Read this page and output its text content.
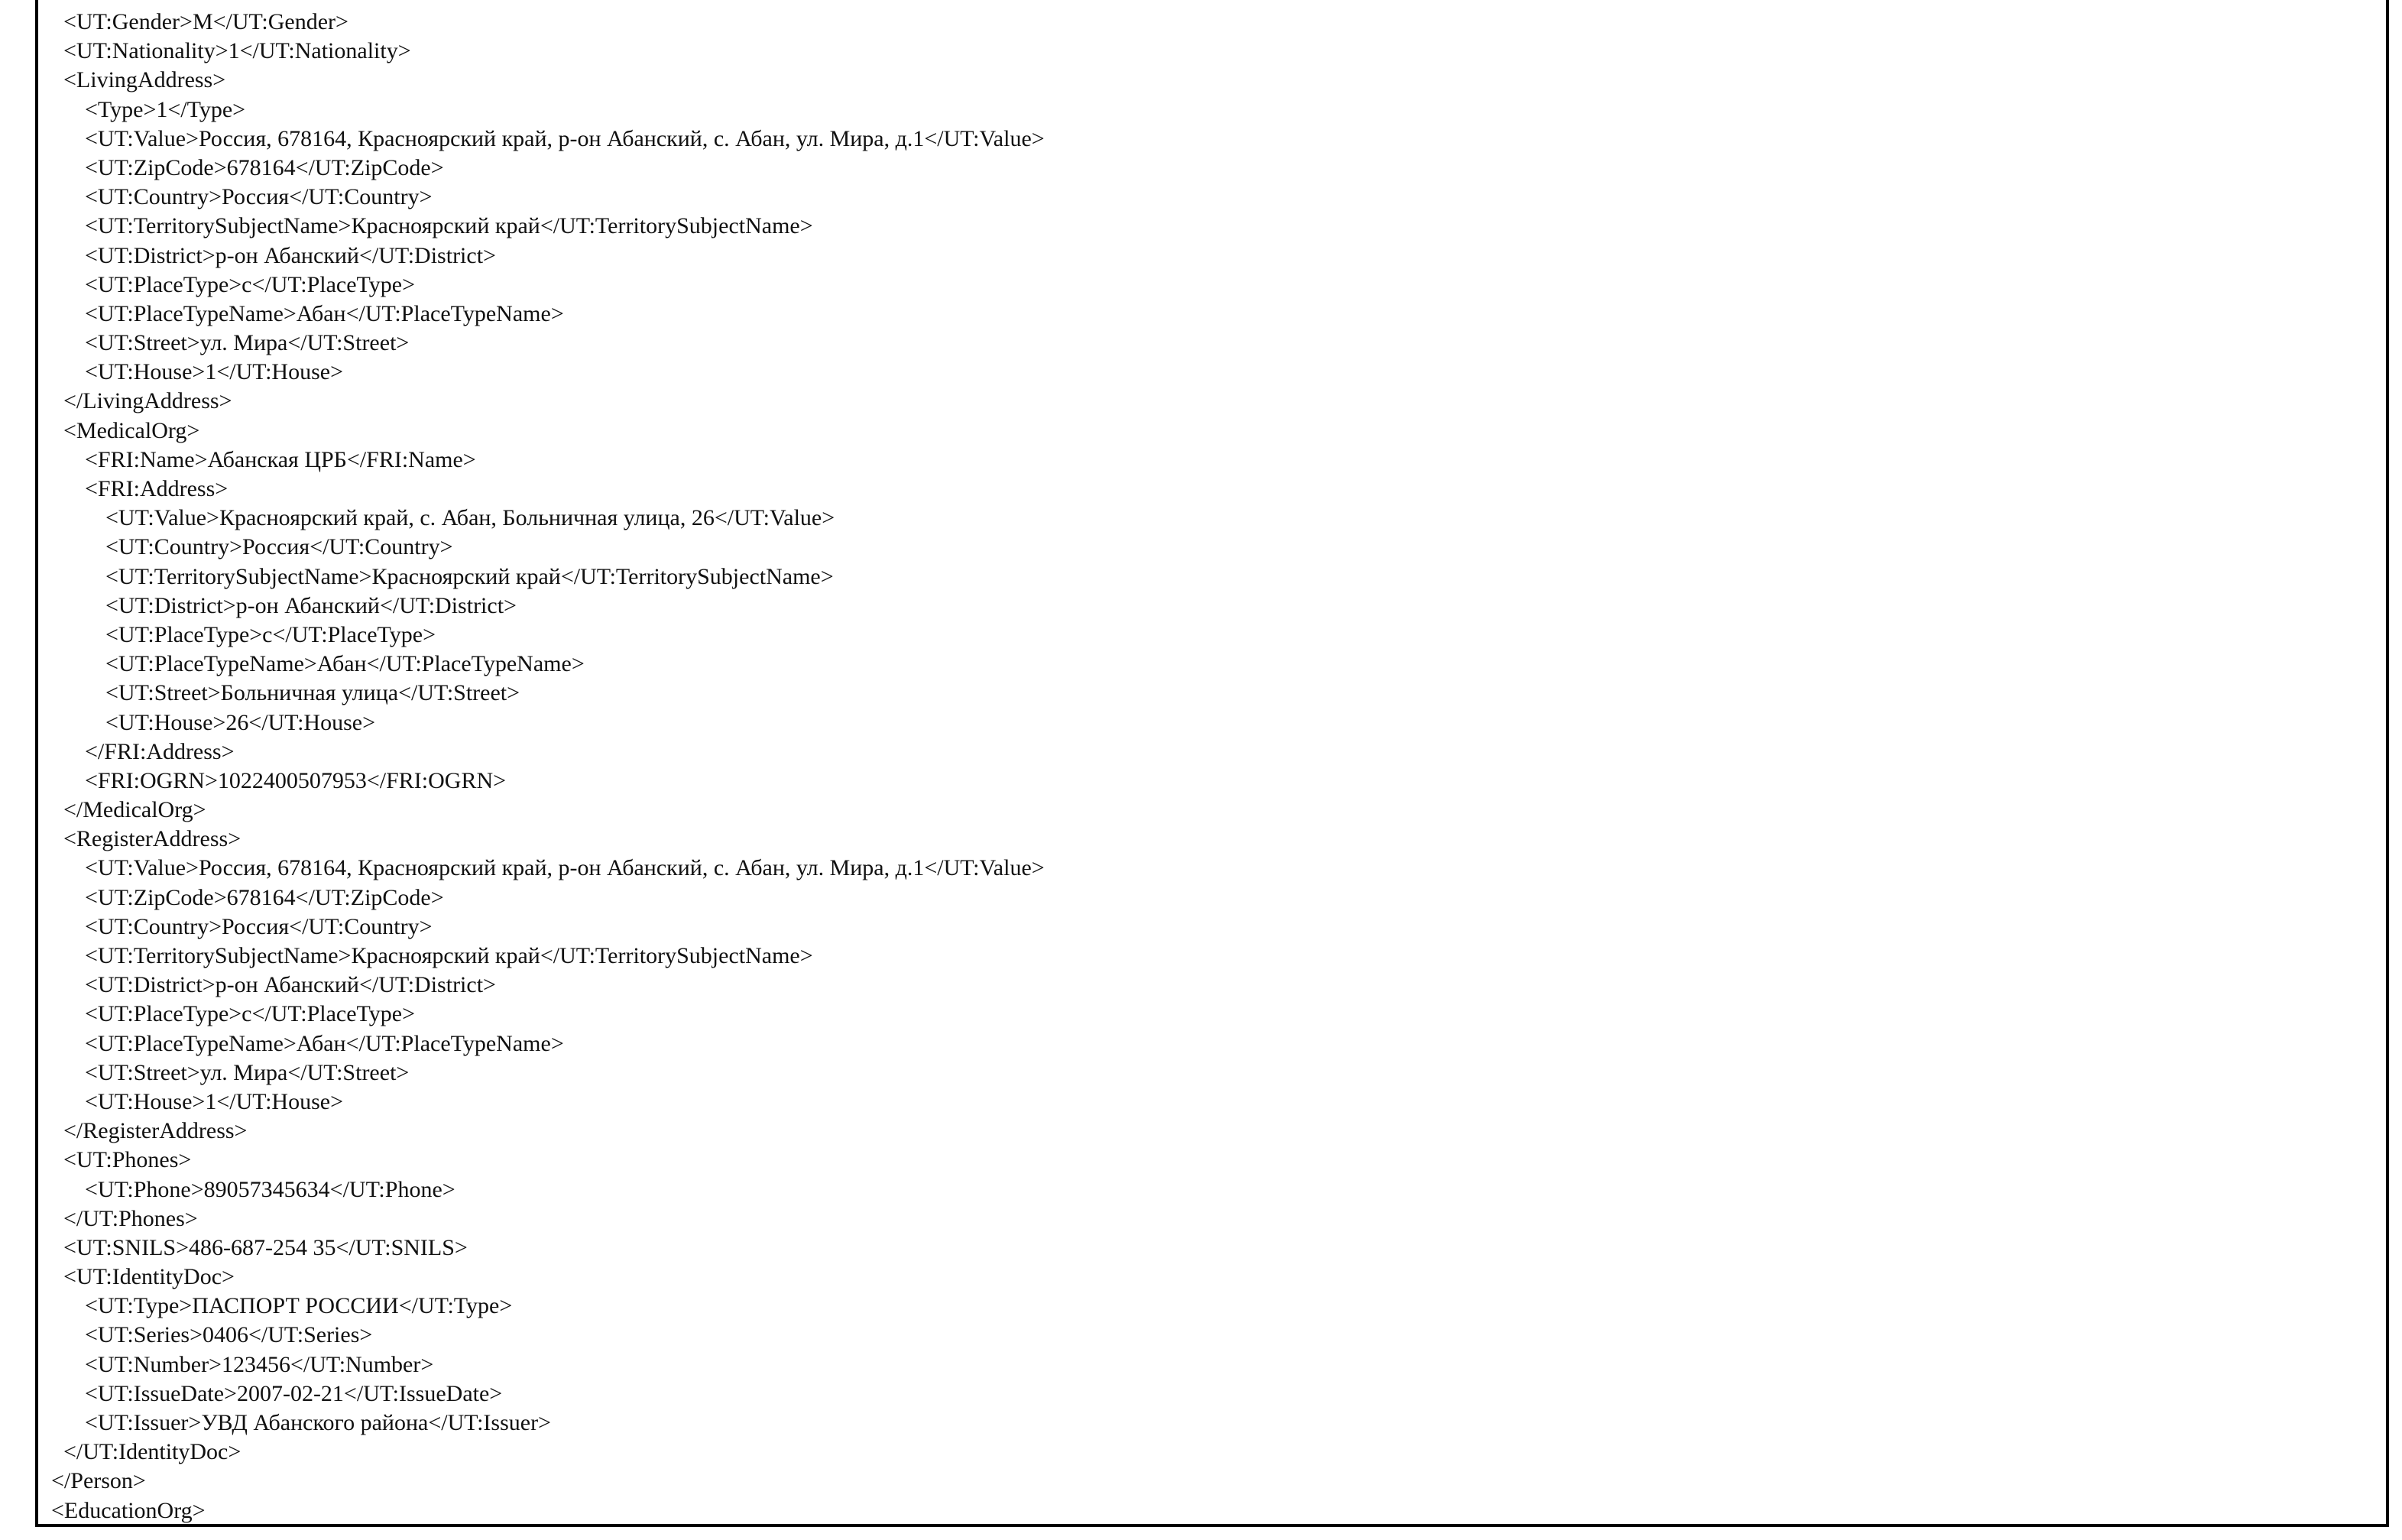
<UT:Gender>M</UT:Gender>
<UT:Nationality>1</UT:Nationality>
<LivingAddress>
<Type>1</Type>
<UT:Value>Россия, 678164, Красноярский край, р-он Абанский, с. Абан, ул. Мира, д.1</UT:Value>
<UT:ZipCode>678164</UT:ZipCode>
<UT:Country>Россия</UT:Country>
<UT:TerritorySubjectName>Красноярский край</UT:TerritorySubjectName>
<UT:District>р-он Абанский</UT:District>
<UT:PlaceType>с</UT:PlaceType>
<UT:PlaceTypeName>Абан</UT:PlaceTypeName>
<UT:Street>ул. Мира</UT:Street>
<UT:House>1</UT:House>
</LivingAddress>
<MedicalOrg>
<FRI:Name>Абанская ЦРБ</FRI:Name>
<FRI:Address>
<UT:Value>Красноярский край, с. Абан, Больничная улица, 26</UT:Value>
<UT:Country>Россия</UT:Country>
<UT:TerritorySubjectName>Красноярский край</UT:TerritorySubjectName>
<UT:District>р-он Абанский</UT:District>
<UT:PlaceType>с</UT:PlaceType>
<UT:PlaceTypeName>Абан</UT:PlaceTypeName>
<UT:Street>Больничная улица</UT:Street>
<UT:House>26</UT:House>
</FRI:Address>
<FRI:OGRN>1022400507953</FRI:OGRN>
</MedicalOrg>
<RegisterAddress>
<UT:Value>Россия, 678164, Красноярский край, р-он Абанский, с. Абан, ул. Мира, д.1</UT:Value>
<UT:ZipCode>678164</UT:ZipCode>
<UT:Country>Россия</UT:Country>
<UT:TerritorySubjectName>Красноярский край</UT:TerritorySubjectName>
<UT:District>р-он Абанский</UT:District>
<UT:PlaceType>с</UT:PlaceType>
<UT:PlaceTypeName>Абан</UT:PlaceTypeName>
<UT:Street>ул. Мира</UT:Street>
<UT:House>1</UT:House>
</RegisterAddress>
<UT:Phones>
<UT:Phone>89057345634</UT:Phone>
</UT:Phones>
<UT:SNILS>486-687-254 35</UT:SNILS>
<UT:IdentityDoc>
<UT:Type>ПАСПОРТ РОССИИ</UT:Type>
<UT:Series>0406</UT:Series>
<UT:Number>123456</UT:Number>
<UT:IssueDate>2007-02-21</UT:IssueDate>
<UT:Issuer>УВД Абанского района</UT:Issuer>
</UT:IdentityDoc>
</Person>
<EducationOrg>
